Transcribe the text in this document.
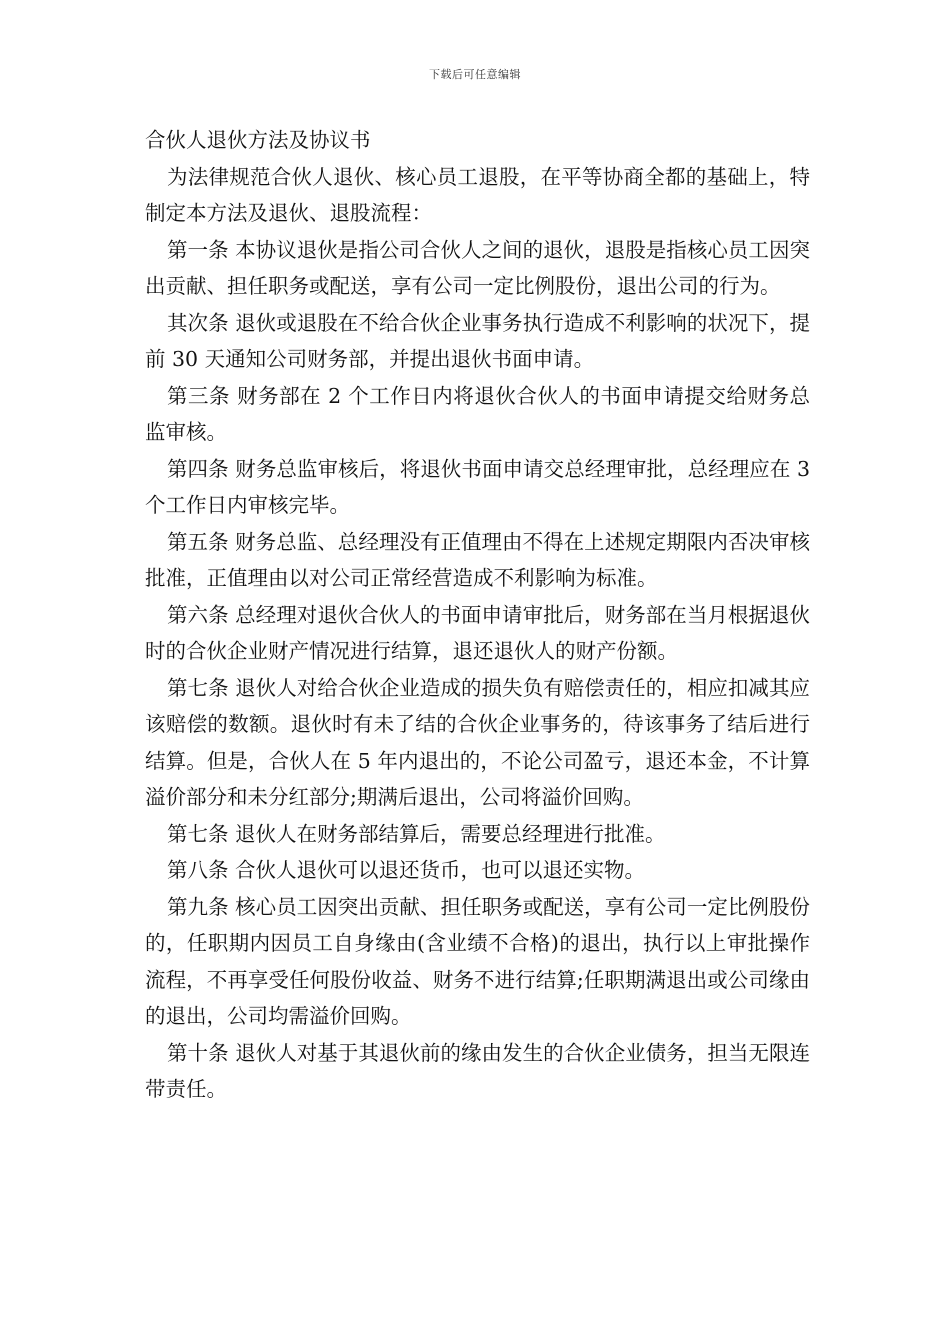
下载后可任意编辑
合伙人退伙方法及协议书

为法律规范合伙人退伙、核心员工退股，在平等协商全都的基础上，特制定本方法及退伙、退股流程：

第一条 本协议退伙是指公司合伙人之间的退伙，退股是指核心员工因突出贡献、担任职务或配送，享有公司一定比例股份，退出公司的行为。

其次条 退伙或退股在不给合伙企业事务执行造成不利影响的状况下，提前 30 天通知公司财务部，并提出退伙书面申请。

第三条 财务部在 2 个工作日内将退伙合伙人的书面申请提交给财务总监审核。

第四条 财务总监审核后，将退伙书面申请交总经理审批，总经理应在 3 个工作日内审核完毕。

第五条 财务总监、总经理没有正值理由不得在上述规定期限内否决审核批准，正值理由以对公司正常经营造成不利影响为标准。

第六条 总经理对退伙合伙人的书面申请审批后，财务部在当月根据退伙时的合伙企业财产情况进行结算，退还退伙人的财产份额。

第七条 退伙人对给合伙企业造成的损失负有赔偿责任的，相应扣减其应该赔偿的数额。退伙时有未了结的合伙企业事务的，待该事务了结后进行结算。但是，合伙人在 5 年内退出的，不论公司盈亏，退还本金，不计算溢价部分和未分红部分;期满后退出，公司将溢价回购。

第七条 退伙人在财务部结算后，需要总经理进行批准。

第八条 合伙人退伙可以退还货币，也可以退还实物。

第九条 核心员工因突出贡献、担任职务或配送，享有公司一定比例股份的，任职期内因员工自身缘由(含业绩不合格)的退出，执行以上审批操作流程，不再享受任何股份收益、财务不进行结算;任职期满退出或公司缘由的退出，公司均需溢价回购。

第十条 退伙人对基于其退伙前的缘由发生的合伙企业债务，担当无限连带责任。
